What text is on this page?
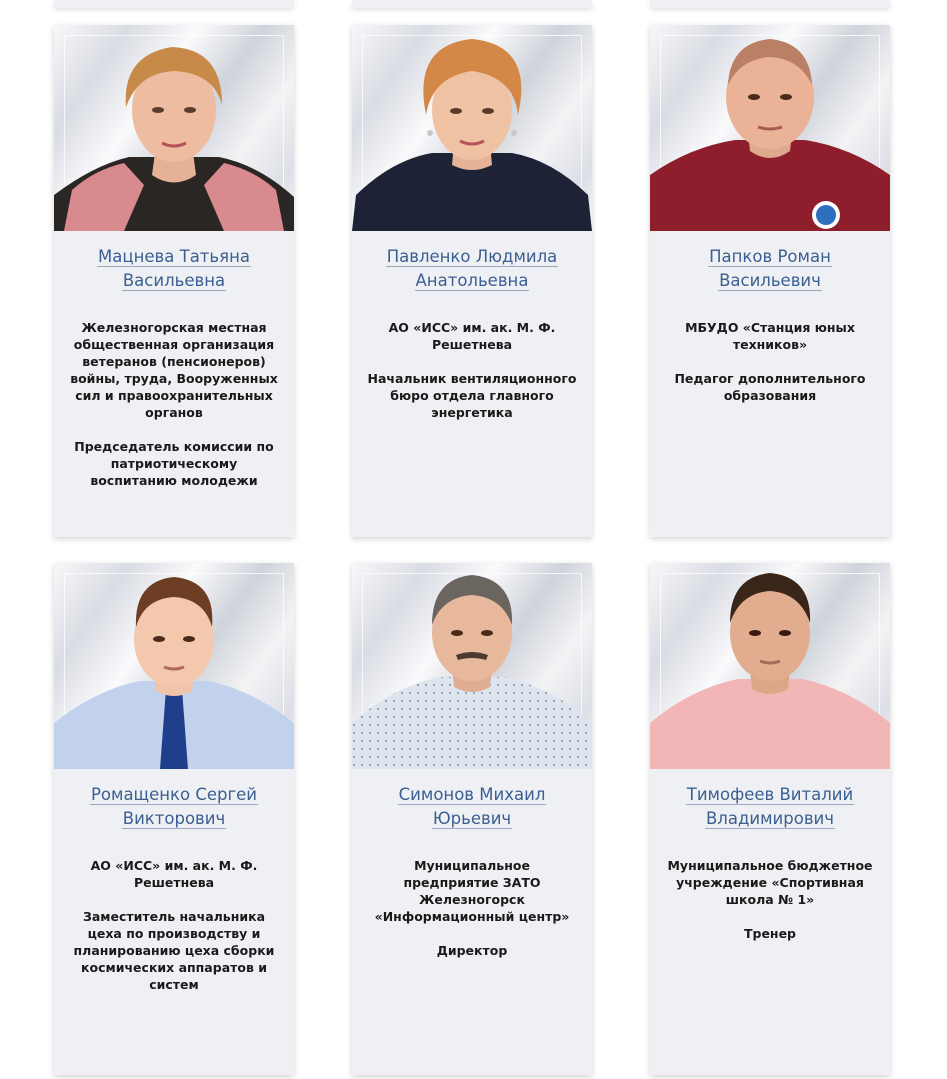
Мацнева Татьяна
Васильевна
Железногорская местная общественная организация ветеранов (пенсионеров) войны, труда, Вооруженных сил и правоохранительных органов
Председатель комиссии по патриотическому воспитанию молодежи
Павленко Людмила
Анатольевна
АО «ИСС» им. ак. М. Ф. Решетнева
Начальник вентиляционного бюро отдела главного энергетика
Папков Роман
Васильевич
МБУДО «Станция юных техников»
Педагог дополнительного образования
Ромащенко Сергей
Викторович
АО «ИСС» им. ак. М. Ф. Решетнева
Заместитель начальника цеха по производству и планированию цеха сборки космических аппаратов и систем
Симонов Михаил
Юрьевич
Муниципальное предприятие ЗАТО Железногорск «Информационный центр»
Директор
Тимофеев Виталий
Владимирович
Муниципальное бюджетное учреждение «Спортивная школа № 1»
Тренер
